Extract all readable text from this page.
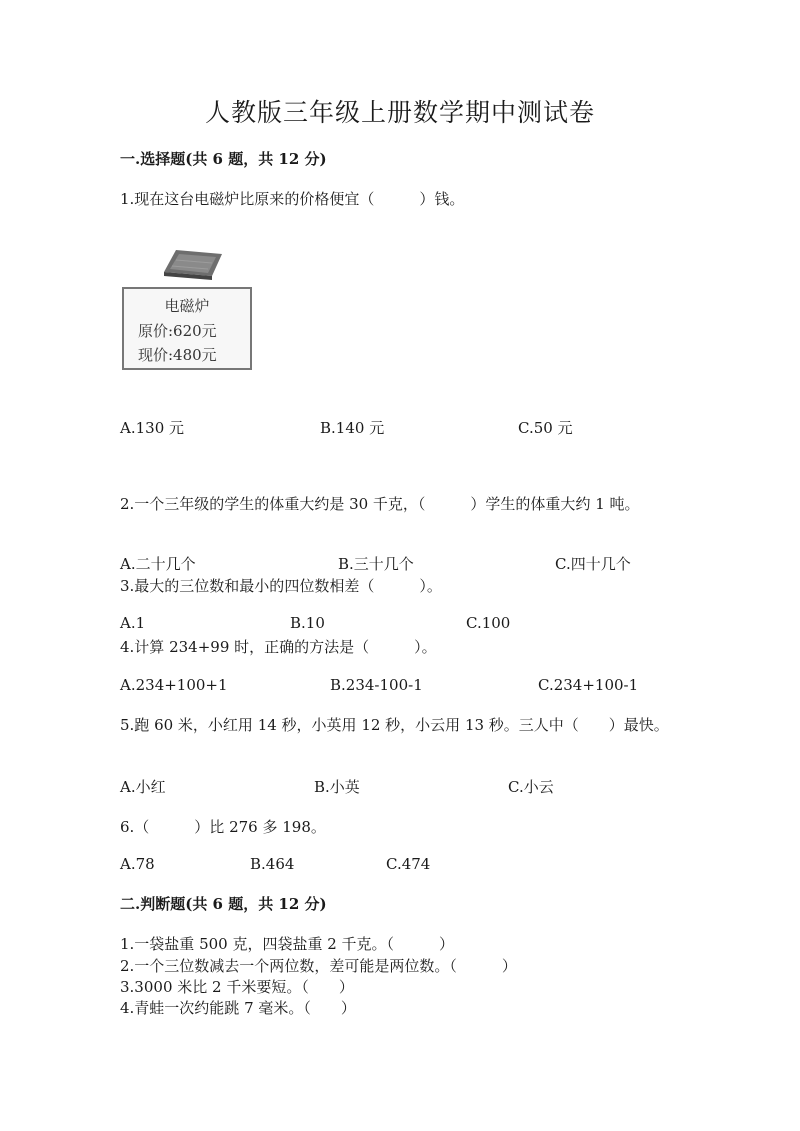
人教版三年级上册数学期中测试卷
一.选择题(共 6 题，共 12 分)
1.现在这台电磁炉比原来的价格便宜（　　　）钱。
电磁炉
原价:620元
现价:480元
A.130 元	B.140 元	C.50 元
2.一个三年级的学生的体重大约是 30 千克，（　　　）学生的体重大约 1 吨。
A.二十几个	B.三十几个	C.四十几个
3.最大的三位数和最小的四位数相差（　　　）。
A.1	B.10	C.100
4.计算 234+99 时，正确的方法是（　　　）。
A.234+100+1	B.234-100-1	C.234+100-1
5.跑 60 米，小红用 14 秒，小英用 12 秒，小云用 13 秒。三人中（　　）最快。
A.小红	B.小英	C.小云
6.（　　　）比 276 多 198。
A.78	B.464	C.474
二.判断题(共 6 题，共 12 分)
1.一袋盐重 500 克，四袋盐重 2 千克。（　　　）
2.一个三位数减去一个两位数，差可能是两位数。（　　　）
3.3000 米比 2 千米要短。（　　）
4.青蛙一次约能跳 7 毫米。（　　）
